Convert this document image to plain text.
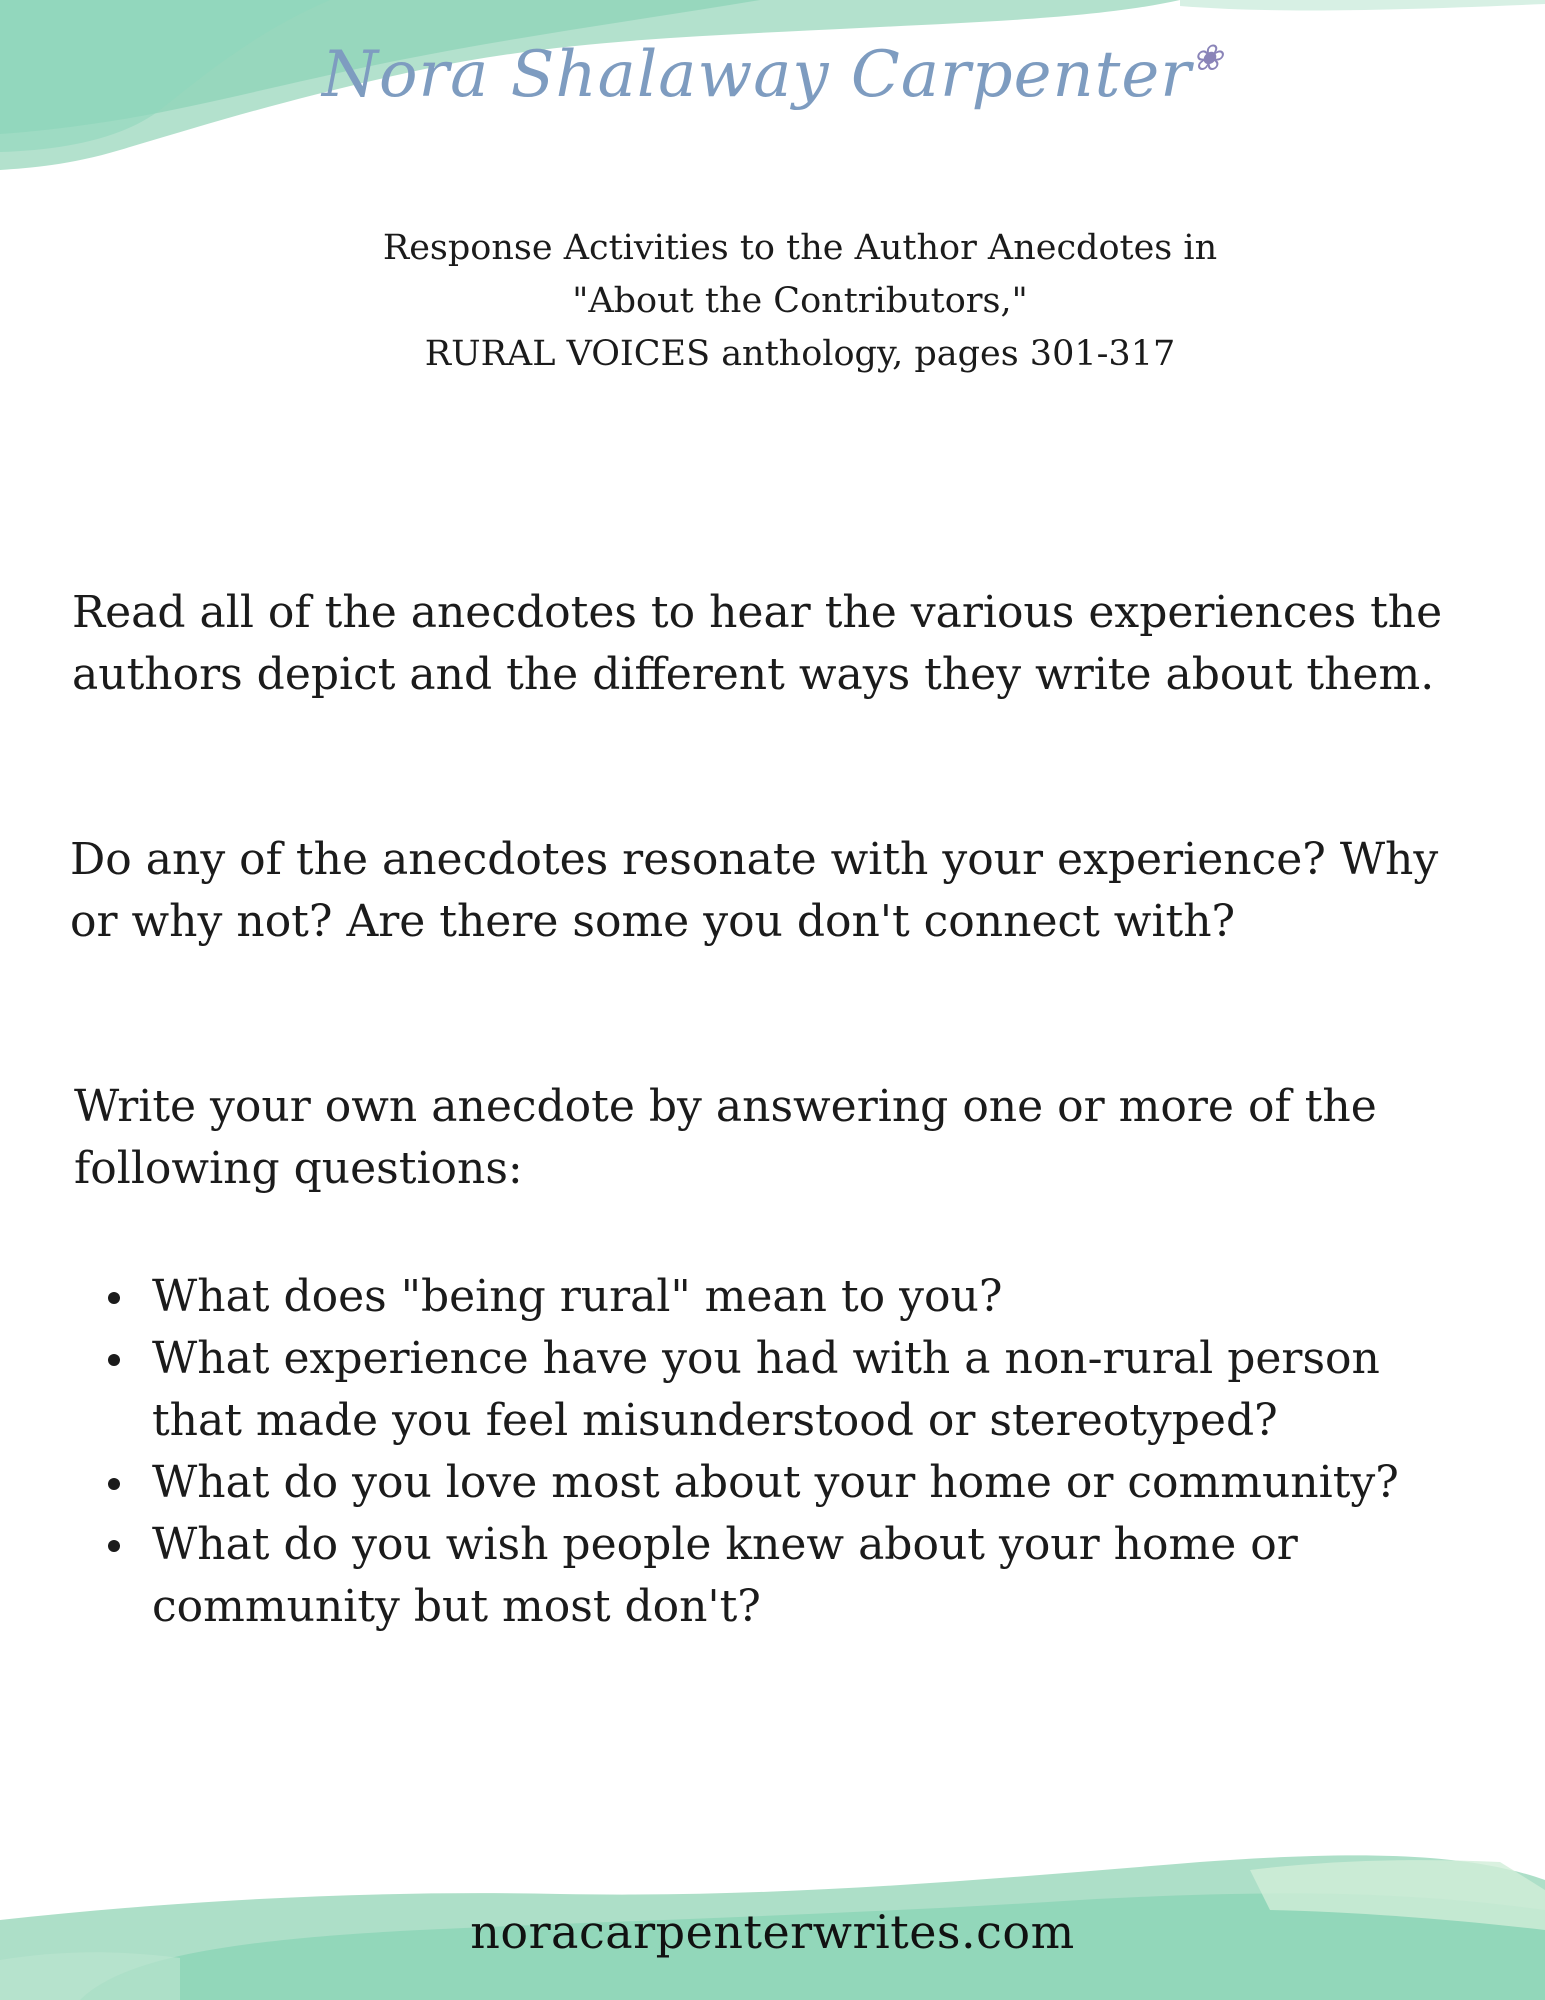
Nora Shalaway Carpenter❀
Response Activities to the Author Anecdotes in
"About the Contributors,"
RURAL VOICES anthology, pages 301-317

Read all of the anecdotes to hear the various experiences the authors depict and the different ways they write about them.

Do any of the anecdotes resonate with your experience? Why or why not? Are there some you don't connect with?

Write your own anecdote by answering one or more of the following questions:

What does "being rural" mean to you?
What experience have you had with a non-rural person that made you feel misunderstood or stereotyped?
What do you love most about your home or community?
What do you wish people knew about your home or community but most don't?
noracarpenterwrites.com
